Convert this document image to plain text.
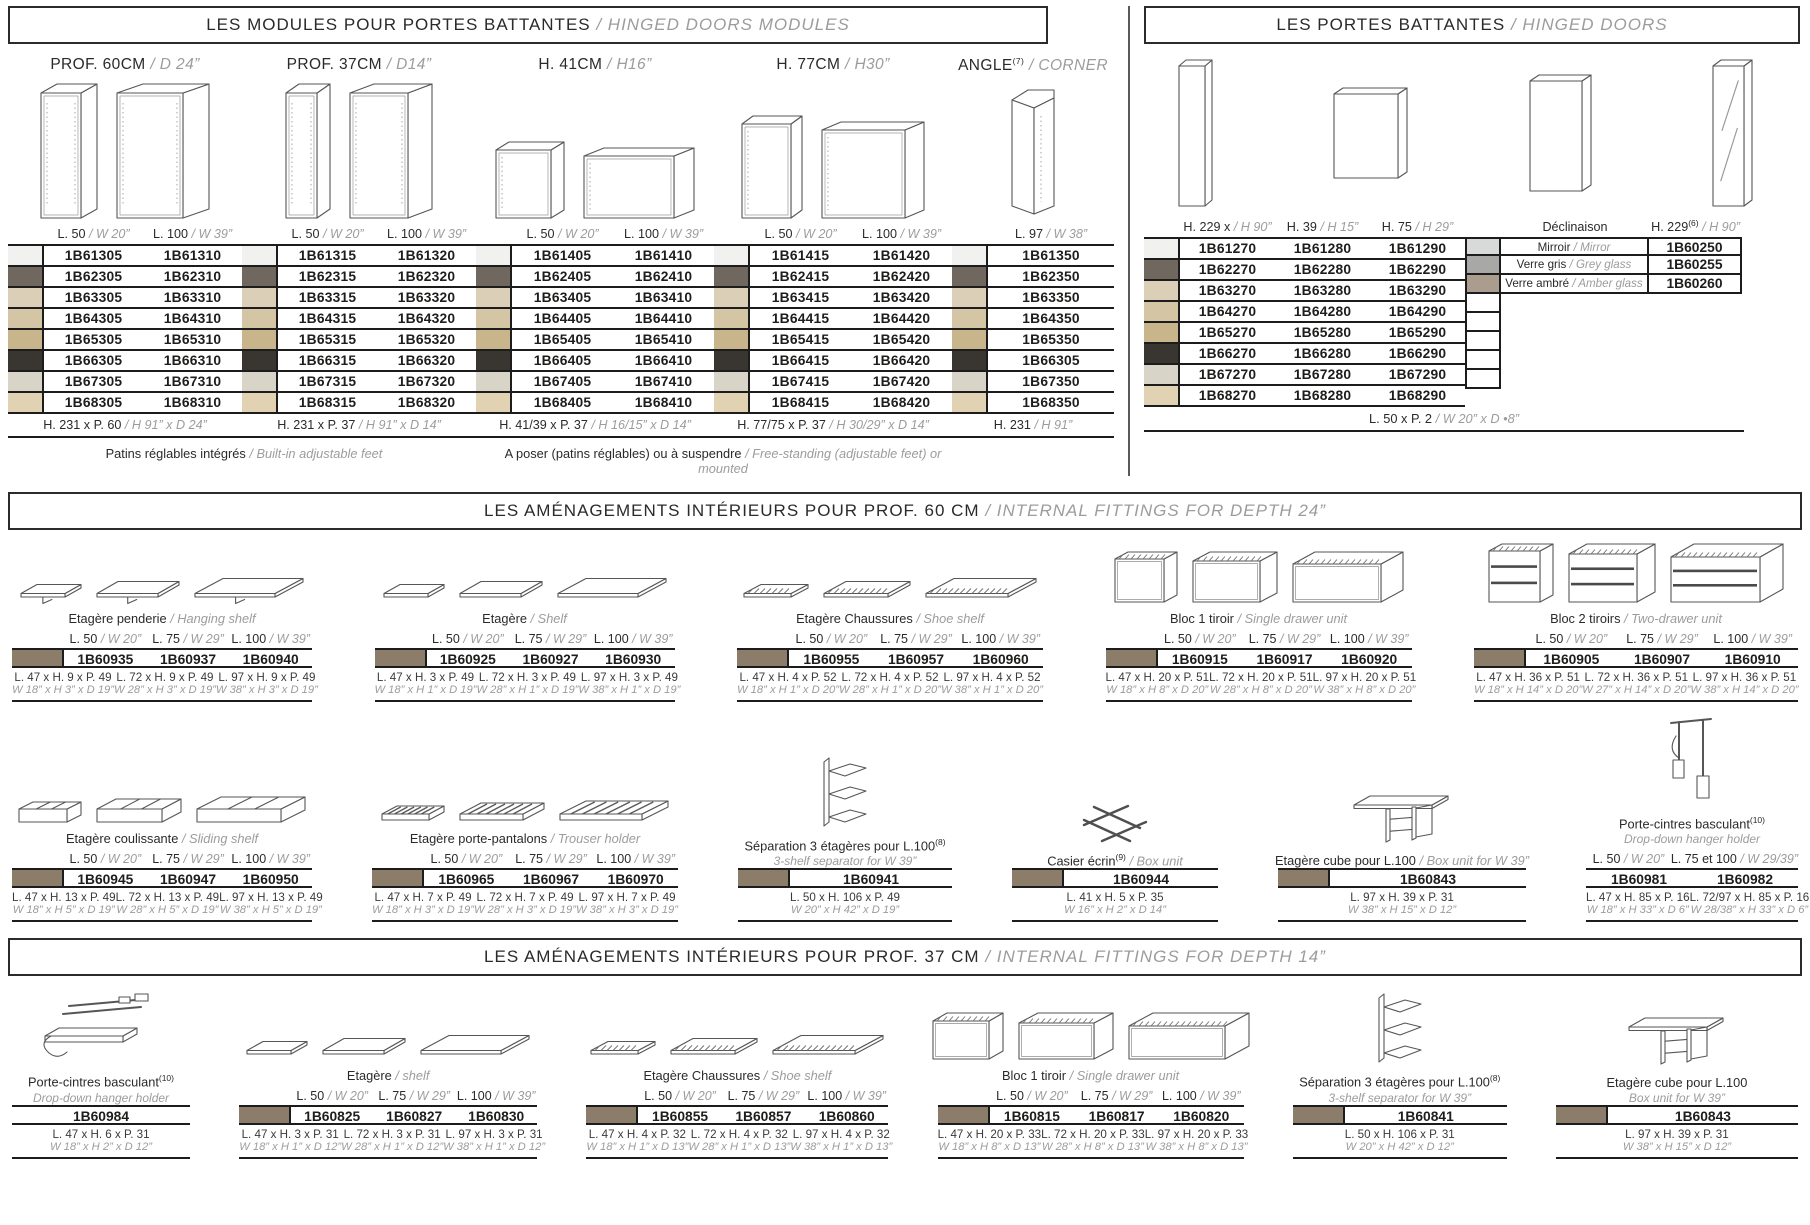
LES MODULES POUR PORTES BATTANTES / HINGED DOORS MODULES
PROF. 60CM / D 24”
L. 50 / W 20”	L. 100 / W 39”
1B61305	1B61310
1B62305	1B62310
1B63305	1B63310
1B64305	1B64310
1B65305	1B65310
1B66305	1B66310
1B67305	1B67310
1B68305	1B68310
H. 231 x P. 60 / H 91” x D 24”
PROF. 37CM / D14”
L. 50 / W 20”	L. 100 / W 39”
1B61315	1B61320
1B62315	1B62320
1B63315	1B63320
1B64315	1B64320
1B65315	1B65320
1B66315	1B66320
1B67315	1B67320
1B68315	1B68320
H. 231 x P. 37 / H 91” x D 14”
H. 41CM / H16”
L. 50 / W 20”	L. 100 / W 39”
1B61405	1B61410
1B62405	1B62410
1B63405	1B63410
1B64405	1B64410
1B65405	1B65410
1B66405	1B66410
1B67405	1B67410
1B68405	1B68410
H. 41/39 x P. 37 / H 16/15” x D 14”
H. 77CM / H30”
L. 50 / W 20”	L. 100 / W 39”
1B61415	1B61420
1B62415	1B62420
1B63415	1B63420
1B64415	1B64420
1B65415	1B65420
1B66415	1B66420
1B67415	1B67420
1B68415	1B68420
H. 77/75 x P. 37 / H 30/29” x D 14”
ANGLE$^{(7)}$ / CORNER
L. 97 / W 38”
1B61350
1B62350
1B63350
1B64350
1B65350
1B66305
1B67350
1B68350
H. 231 / H 91”
Patins réglables intégrés / Built-in adjustable feet	A poser (patins réglables) ou à suspendre / Free-standing (adjustable feet) or mounted
LES PORTES BATTANTES / HINGED DOORS
H. 229 x / H 90”	H. 39 / H 15”	H. 75 / H 29”	Déclinaison	H. 229$^{(6)}$ / H 90”
1B61270	1B61280	1B61290
1B62270	1B62280	1B62290
1B63270	1B63280	1B63290
1B64270	1B64280	1B64290
1B65270	1B65280	1B65290
1B66270	1B66280	1B66290
1B67270	1B67280	1B67290
1B68270	1B68280	1B68290
Mirroir / Mirror	1B60250
Verre gris / Grey glass	1B60255
Verre ambré / Amber glass	1B60260
L. 50 x P. 2 / W 20” x D •8”
LES AMÉNAGEMENTS INTÉRIEURS POUR PROF. 60 CM / INTERNAL FITTINGS FOR DEPTH 24”
Etagère penderie / Hanging shelf
L. 50 / W 20” L. 75 / W 29” L. 100 / W 39”
1B60935	1B60937	1B60940
L. 47 x H. 9 x P. 49
W 18” x H 3” x D 19”
L. 72 x H. 9 x P. 49
W 28” x H 3” x D 19”
L. 97 x H. 9 x P. 49
W 38” x H 3” x D 19”
Etagère / Shelf
L. 50 / W 20” L. 75 / W 29” L. 100 / W 39”
1B60925	1B60927	1B60930
L. 47 x H. 3 x P. 49
W 18” x H 1” x D 19”
L. 72 x H. 3 x P. 49
W 28” x H 1” x D 19”
L. 97 x H. 3 x P. 49
W 38” x H 1” x D 19”
Etagère Chaussures / Shoe shelf
L. 50 / W 20”	L. 75 / W 29” L. 100 / W 39”
1B60955	1B60957	1B60960
L. 47 x H. 4 x P. 52
W 18” x H 1” x D 20”
L. 72 x H. 4 x P. 52
W 28” x H 1” x D 20”
L. 97 x H. 4 x P. 52
W 38” x H 1” x D 20”
Bloc 1 tiroir / Single drawer unit
L. 50 / W 20”	L. 75 / W 29” L. 100 / W 39”
1B60915	1B60917	1B60920
L. 47 x H. 20 x P. 51
W 18” x H 8” x D 20”
L. 72 x H. 20 x P. 51
W 28” x H 8” x D 20”
L. 97 x H. 20 x P. 51
W 38” x H 8” x D 20”
Bloc 2 tiroirs / Two-drawer unit
L. 50 / W 20”	L. 75 / W 29”	L. 100 / W 39”
1B60905	1B60907	1B60910
L. 47 x H. 36 x P. 51
W 18” x H 14” x D 20”
L. 72 x H. 36 x P. 51
W 27” x H 14” x D 20”
L. 97 x H. 36 x P. 51
W 38” x H 14” x D 20”
Etagère coulissante / Sliding shelf
L. 50 / W 20” L. 75 / W 29” L. 100 / W 39”
1B60945	1B60947	1B60950
L. 47 x H. 13 x P. 49
W 18” x H 5” x D 19”
L. 72 x H. 13 x P. 49
W 28” x H 5” x D 19”
L. 97 x H. 13 x P. 49
W 38” x H 5” x D 19”
Etagère porte-pantalons / Trouser holder
L. 50 / W 20”	L. 75 / W 29” L. 100 / W 39”
1B60965	1B60967	1B60970
L. 47 x H. 7 x P. 49
W 18” x H 3” x D 19”
L. 72 x H. 7 x P. 49
W 28” x H 3” x D 19”
L. 97 x H. 7 x P. 49
W 38” x H 3” x D 19”
Séparation 3 étagères pour L.100$^{(8)}$
3-shelf separator for W 39”
1B60941
L. 50 x H. 106 x P. 49
W 20” x H 42” x D 19”
Casier écrin$^{(9)}$ / Box unit
1B60944
L. 41 x H. 5 x P. 35
W 16” x H 2” x D 14”
Etagère cube pour L.100 / Box unit for W 39”
1B60843
L. 97 x H. 39 x P. 31
W 38” x H 15” x D 12”
Porte-cintres basculant$^{(10)}$
Drop-down hanger holder
L. 50 / W 20” L. 75 et 100 / W 29/39”
1B60981	1B60982
L. 47 x H. 85 x P. 16
W 18” x H 33” x D 6”
L. 72/97 x H. 85 x P. 16
W 28/38” x H 33” x D 6”
LES AMÉNAGEMENTS INTÉRIEURS POUR PROF. 37 CM / INTERNAL FITTINGS FOR DEPTH 14”
Porte-cintres basculant$^{(10)}$
Drop-down hanger holder
1B60984
L. 47 x H. 6 x P. 31
W 18” x H 2” x D 12”
Etagère / shelf
L. 50 / W 20” L. 75 / W 29” L. 100 / W 39”
1B60825	1B60827	1B60830
L. 47 x H. 3 x P. 31
W 18” x H 1” x D 12”
L. 72 x H. 3 x P. 31
W 28” x H 1” x D 12”
L. 97 x H. 3 x P. 31
W 38” x H 1” x D 12”
Etagère Chaussures / Shoe shelf
L. 50 / W 20” L. 75 / W 29” L. 100 / W 39”
1B60855	1B60857	1B60860
L. 47 x H. 4 x P. 32
W 18” x H 1” x D 13”
L. 72 x H. 4 x P. 32
W 28” x H 1” x D 13”
L. 97 x H. 4 x P. 32
W 38” x H 1” x D 13”
Bloc 1 tiroir / Single drawer unit
L. 50 / W 20”	L. 75 / W 29” L. 100 / W 39”
1B60815	1B60817	1B60820
L. 47 x H. 20 x P. 33
W 18” x H 8” x D 13”
L. 72 x H. 20 x P. 33
W 28” x H 8” x D 13”
L. 97 x H. 20 x P. 33
W 38” x H 8” x D 13”
Séparation 3 étagères pour L.100$^{(8)}$
3-shelf separator for W 39”
1B60841
L. 50 x H. 106 x P. 31
W 20” x H 42” x D 12”
Etagère cube pour L.100
Box unit for W 39”
1B60843
L. 97 x H. 39 x P. 31
W 38” x H 15” x D 12”
